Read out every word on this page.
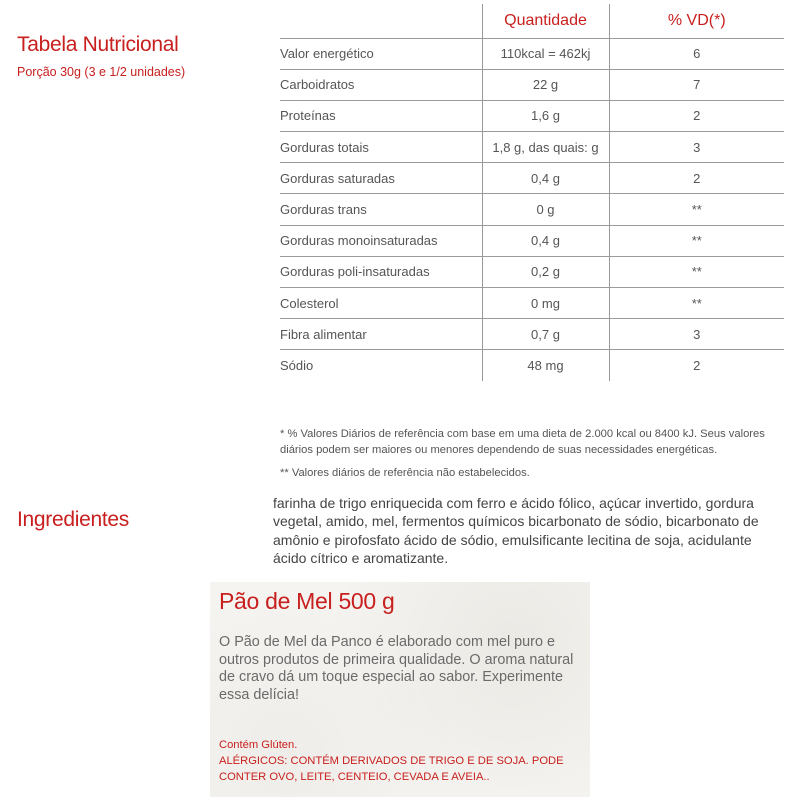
Tabela Nutricional
Porção 30g (3 e 1/2 unidades)
	Quantidade	% VD(*)
Valor energético	110kcal = 462kj	6
Carboidratos	22 g	7
Proteínas	1,6 g	2
Gorduras totais	1,8 g, das quais: g	3
Gorduras saturadas	0,4 g	2
Gorduras trans	0 g	**
Gorduras monoinsaturadas	0,4 g	**
Gorduras poli-insaturadas	0,2 g	**
Colesterol	0 mg	**
Fibra alimentar	0,7 g	3
Sódio	48 mg	2
* % Valores Diários de referência com base em uma dieta de 2.000 kcal ou 8400 kJ. Seus valores diários podem ser maiores ou menores dependendo de suas necessidades energéticas.
** Valores diários de referência não estabelecidos.
Ingredientes
farinha de trigo enriquecida com ferro e ácido fólico, açúcar invertido, gordura vegetal, amido, mel, fermentos químicos bicarbonato de sódio, bicarbonato de amônio e pirofosfato ácido de sódio, emulsificante lecitina de soja, acidulante ácido cítrico e aromatizante.
Pão de Mel 500 g
O Pão de Mel da Panco é elaborado com mel puro e outros produtos de primeira qualidade. O aroma natural de cravo dá um toque especial ao sabor. Experimente essa delícia!
Contém Glúten.
ALÉRGICOS: CONTÉM DERIVADOS DE TRIGO E DE SOJA. PODE CONTER OVO, LEITE, CENTEIO, CEVADA E AVEIA..
